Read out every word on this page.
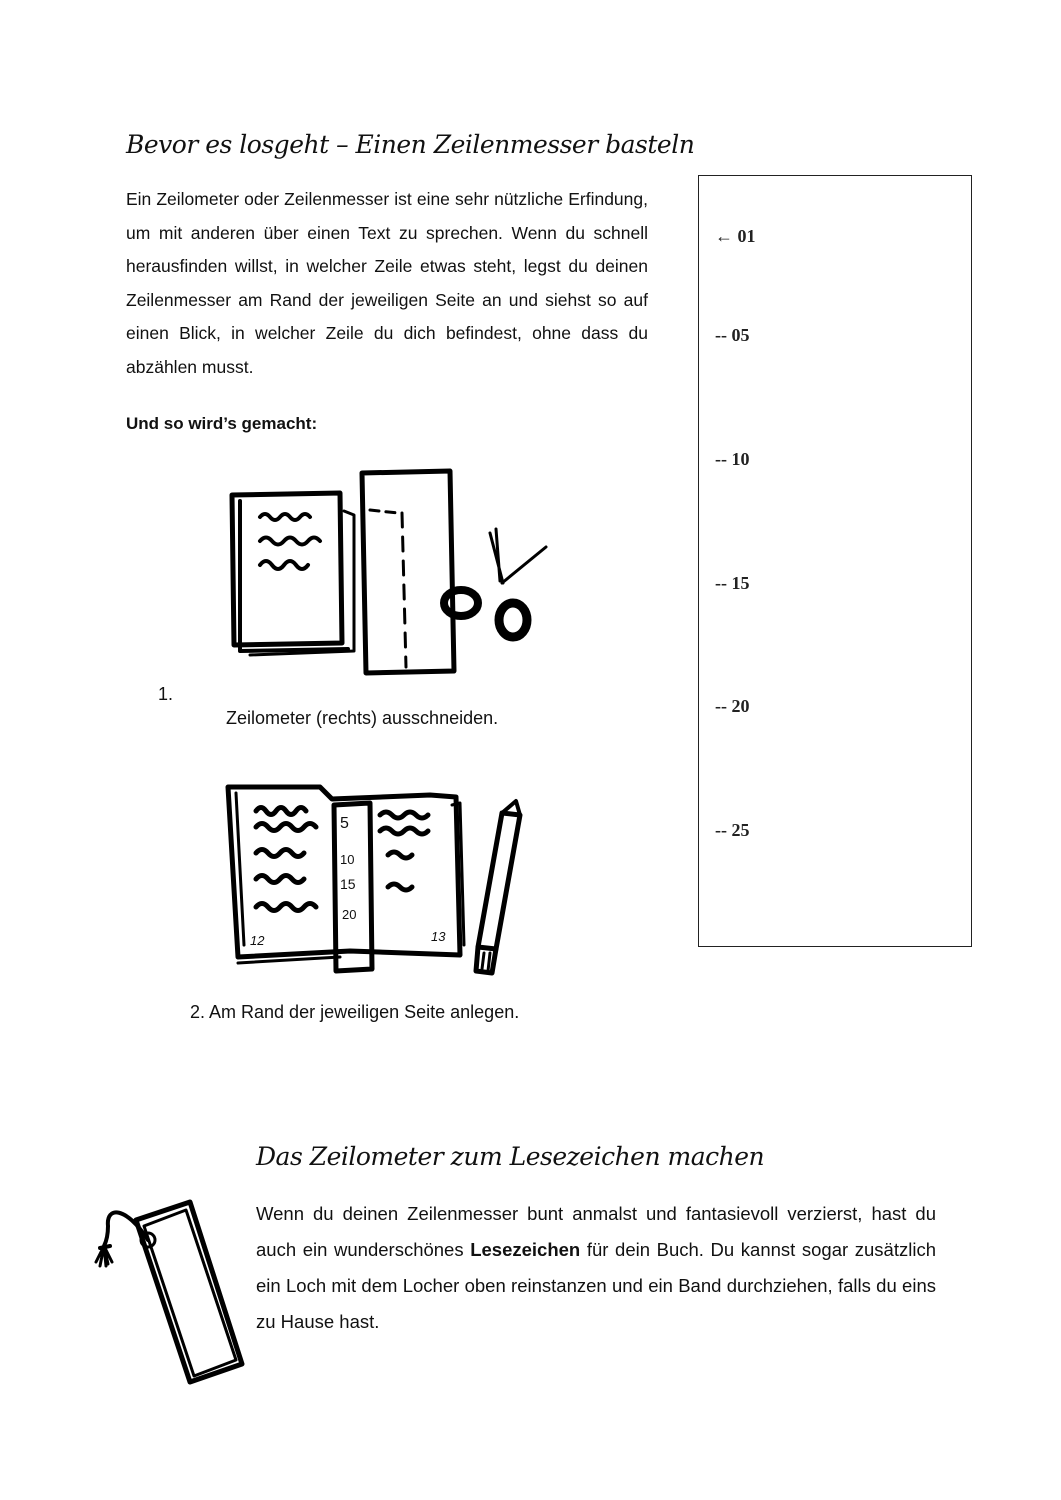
Bevor es losgeht – Einen Zeilenmesser basteln
Ein Zeilometer oder Zeilenmesser ist eine sehr nützliche Erfindung, um mit anderen über einen Text zu sprechen. Wenn du schnell herausfinden willst, in welcher Zeile etwas steht, legst du deinen Zeilenmesser am Rand der jeweiligen Seite an und siehst so auf einen Blick, in welcher Zeile du dich befindest, ohne dass du abzählen musst.
Und so wird’s gemacht:
1.
Zeilometer (rechts) ausschneiden.
5
10
15
20
12	13
2. Am Rand der jeweiligen Seite anlegen.
← 01
-- 05
-- 10
-- 15
-- 20
-- 25
Das Zeilometer zum Lesezeichen machen
Wenn du deinen Zeilenmesser bunt anmalst und fantasievoll verzierst, hast du auch ein wunderschönes Lesezeichen für dein Buch. Du kannst sogar zusätzlich ein Loch mit dem Locher oben reinstanzen und ein Band durchziehen, falls du eins zu Hause hast.
